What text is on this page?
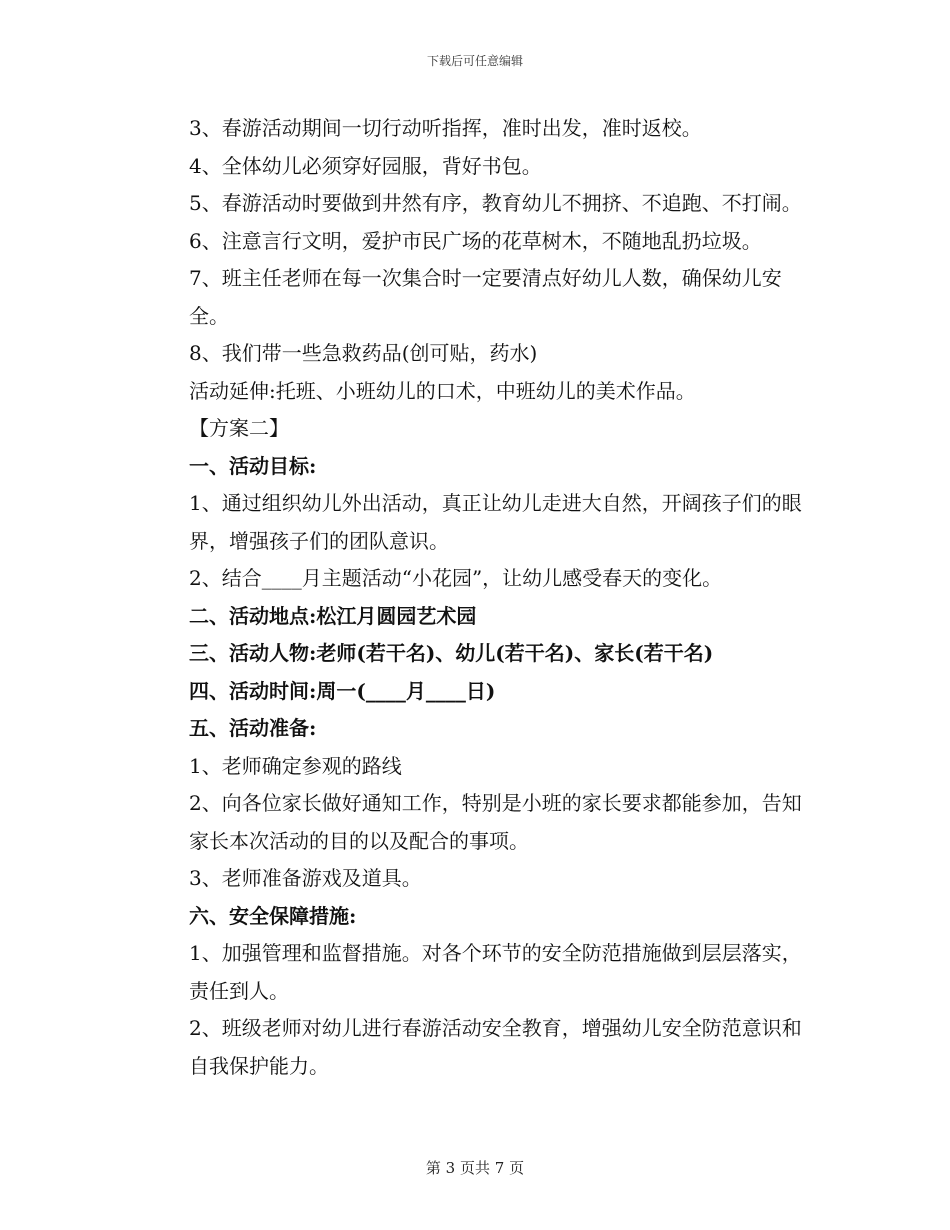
下载后可任意编辑

3、春游活动期间一切行动听指挥，准时出发，准时返校。

4、全体幼儿必须穿好园服，背好书包。

5、春游活动时要做到井然有序，教育幼儿不拥挤、不追跑、不打闹。

6、注意言行文明，爱护市民广场的花草树木，不随地乱扔垃圾。

7、班主任老师在每一次集合时一定要清点好幼儿人数，确保幼儿安全。

8、我们带一些急救药品(创可贴，药水)

活动延伸:托班、小班幼儿的口术，中班幼儿的美术作品。

【方案二】

一、活动目标:

1、通过组织幼儿外出活动，真正让幼儿走进大自然，开阔孩子们的眼界，增强孩子们的团队意识。

2、结合____月主题活动“小花园”，让幼儿感受春天的变化。

二、活动地点:松江月圆园艺术园

三、活动人物:老师(若干名)、幼儿(若干名)、家长(若干名)

四、活动时间:周一(____月____日)

五、活动准备:

1、老师确定参观的路线

2、向各位家长做好通知工作，特别是小班的家长要求都能参加，告知家长本次活动的目的以及配合的事项。

3、老师准备游戏及道具。

六、安全保障措施:

1、加强管理和监督措施。对各个环节的安全防范措施做到层层落实，责任到人。

2、班级老师对幼儿进行春游活动安全教育，增强幼儿安全防范意识和自我保护能力。

第 3 页共 7 页
